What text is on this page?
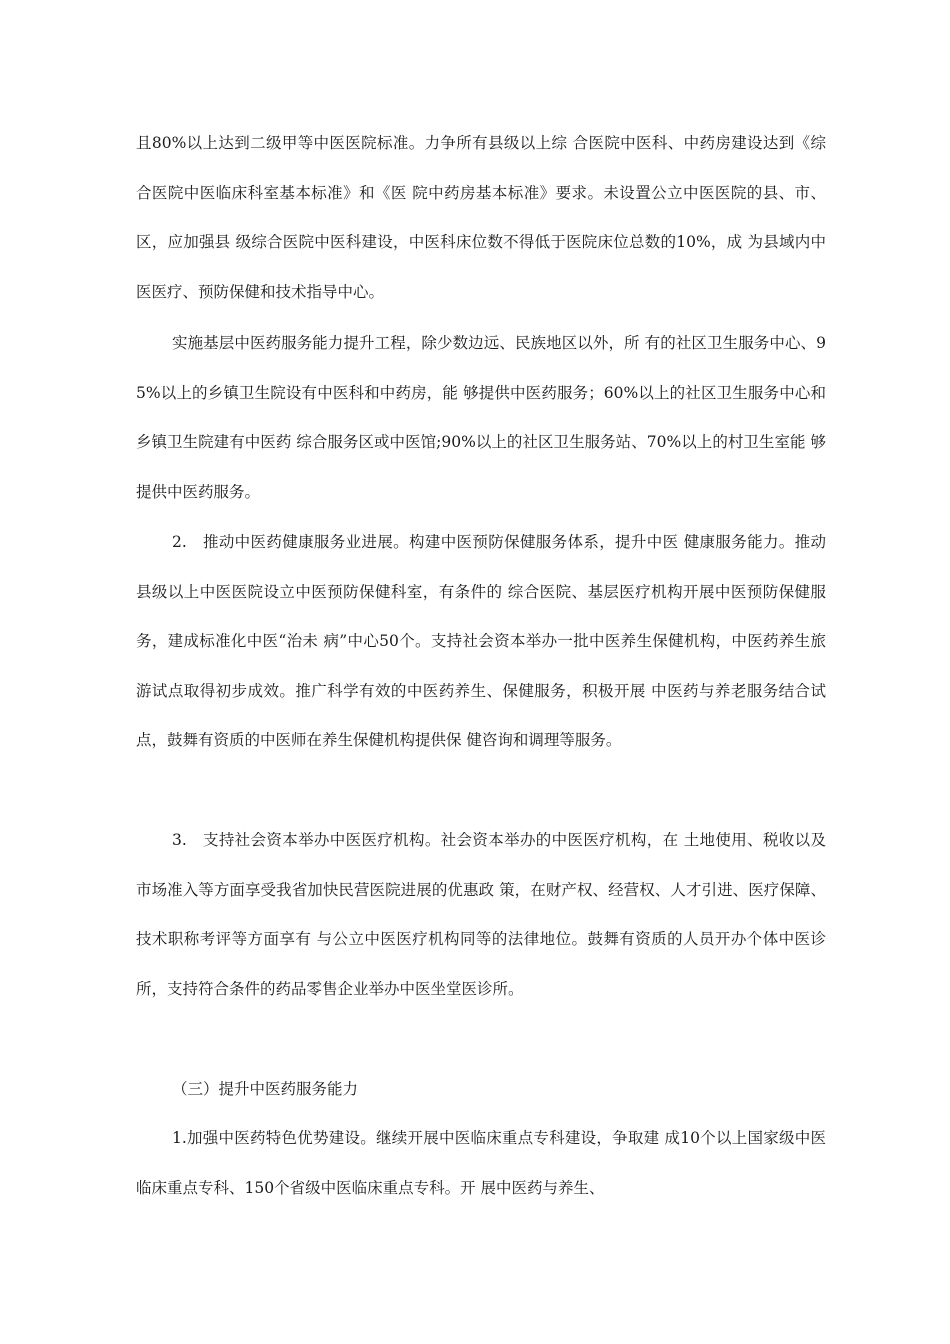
且80%以上达到二级甲等中医医院标准。力争所有县级以上综 合医院中医科、中药房建设达到《综合医院中医临床科室基本标准》和《医 院中药房基本标准》要求。未设置公立中医医院的县、市、区，应加强县 级综合医院中医科建设，中医科床位数不得低于医院床位总数的10%，成 为县域内中医医疗、预防保健和技术指导中心。

实施基层中医药服务能力提升工程，除少数边远、民族地区以外，所 有的社区卫生服务中心、95%以上的乡镇卫生院设有中医科和中药房，能 够提供中医药服务；60%以上的社区卫生服务中心和乡镇卫生院建有中医药 综合服务区或中医馆;90%以上的社区卫生服务站、70%以上的村卫生室能 够提供中医药服务。

2.　推动中医药健康服务业进展。构建中医预防保健服务体系，提升中医 健康服务能力。推动县级以上中医医院设立中医预防保健科室，有条件的 综合医院、基层医疗机构开展中医预防保健服务，建成标准化中医“治未 病”中心50个。支持社会资本举办一批中医养生保健机构，中医药养生旅 游试点取得初步成效。推广科学有效的中医药养生、保健服务，积极开展 中医药与养老服务结合试点，鼓舞有资质的中医师在养生保健机构提供保 健咨询和调理等服务。

3.　支持社会资本举办中医医疗机构。社会资本举办的中医医疗机构，在 土地使用、税收以及市场准入等方面享受我省加快民营医院进展的优惠政 策，在财产权、经营权、人才引进、医疗保障、技术职称考评等方面享有 与公立中医医疗机构同等的法律地位。鼓舞有资质的人员开办个体中医诊 所，支持符合条件的药品零售企业举办中医坐堂医诊所。

（三）提升中医药服务能力

1.加强中医药特色优势建设。继续开展中医临床重点专科建设，争取建 成10个以上国家级中医临床重点专科、150个省级中医临床重点专科。开 展中医药与养生、
